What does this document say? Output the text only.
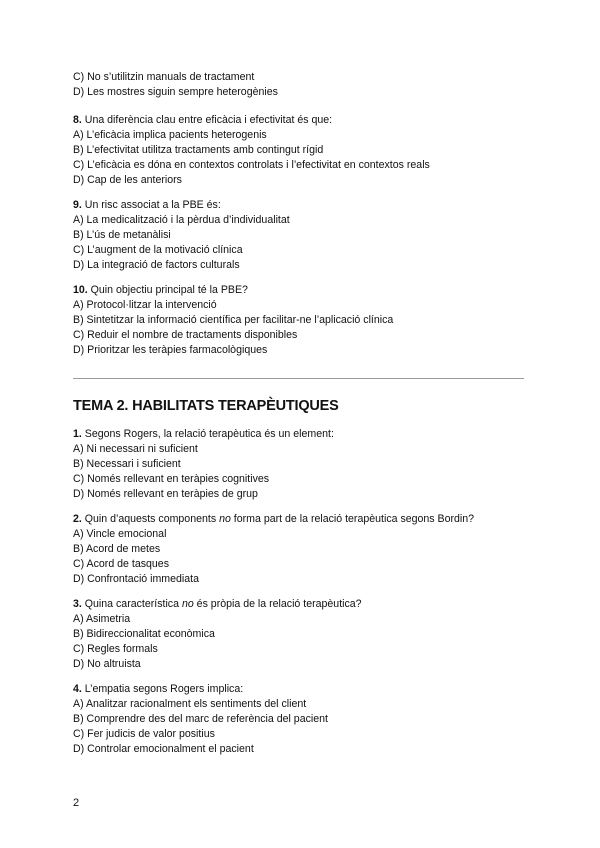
C) No s’utilitzin manuals de tractament
D) Les mostres siguin sempre heterogènies
8. Una diferència clau entre eficàcia i efectivitat és que:
A) L’eficàcia implica pacients heterogenis
B) L’efectivitat utilitza tractaments amb contingut rígid
C) L’eficàcia es dóna en contextos controlats i l’efectivitat en contextos reals
D) Cap de les anteriors
9. Un risc associat a la PBE és:
A) La medicalització i la pèrdua d’individualitat
B) L’ús de metanàlisi
C) L’augment de la motivació clínica
D) La integració de factors culturals
10. Quin objectiu principal té la PBE?
A) Protocol·litzar la intervenció
B) Sintetitzar la informació científica per facilitar-ne l’aplicació clínica
C) Reduir el nombre de tractaments disponibles
D) Prioritzar les teràpies farmacològiques
TEMA 2. HABILITATS TERAPÈUTIQUES
1. Segons Rogers, la relació terapèutica és un element:
A) Ni necessari ni suficient
B) Necessari i suficient
C) Només rellevant en teràpies cognitives
D) Només rellevant en teràpies de grup
2. Quin d’aquests components no forma part de la relació terapèutica segons Bordin?
A) Vincle emocional
B) Acord de metes
C) Acord de tasques
D) Confrontació immediata
3. Quina característica no és pròpia de la relació terapèutica?
A) Asimetria
B) Bidireccionalitat econòmica
C) Regles formals
D) No altruista
4. L’empatia segons Rogers implica:
A) Analitzar racionalment els sentiments del client
B) Comprendre des del marc de referència del pacient
C) Fer judicis de valor positius
D) Controlar emocionalment el pacient
2
